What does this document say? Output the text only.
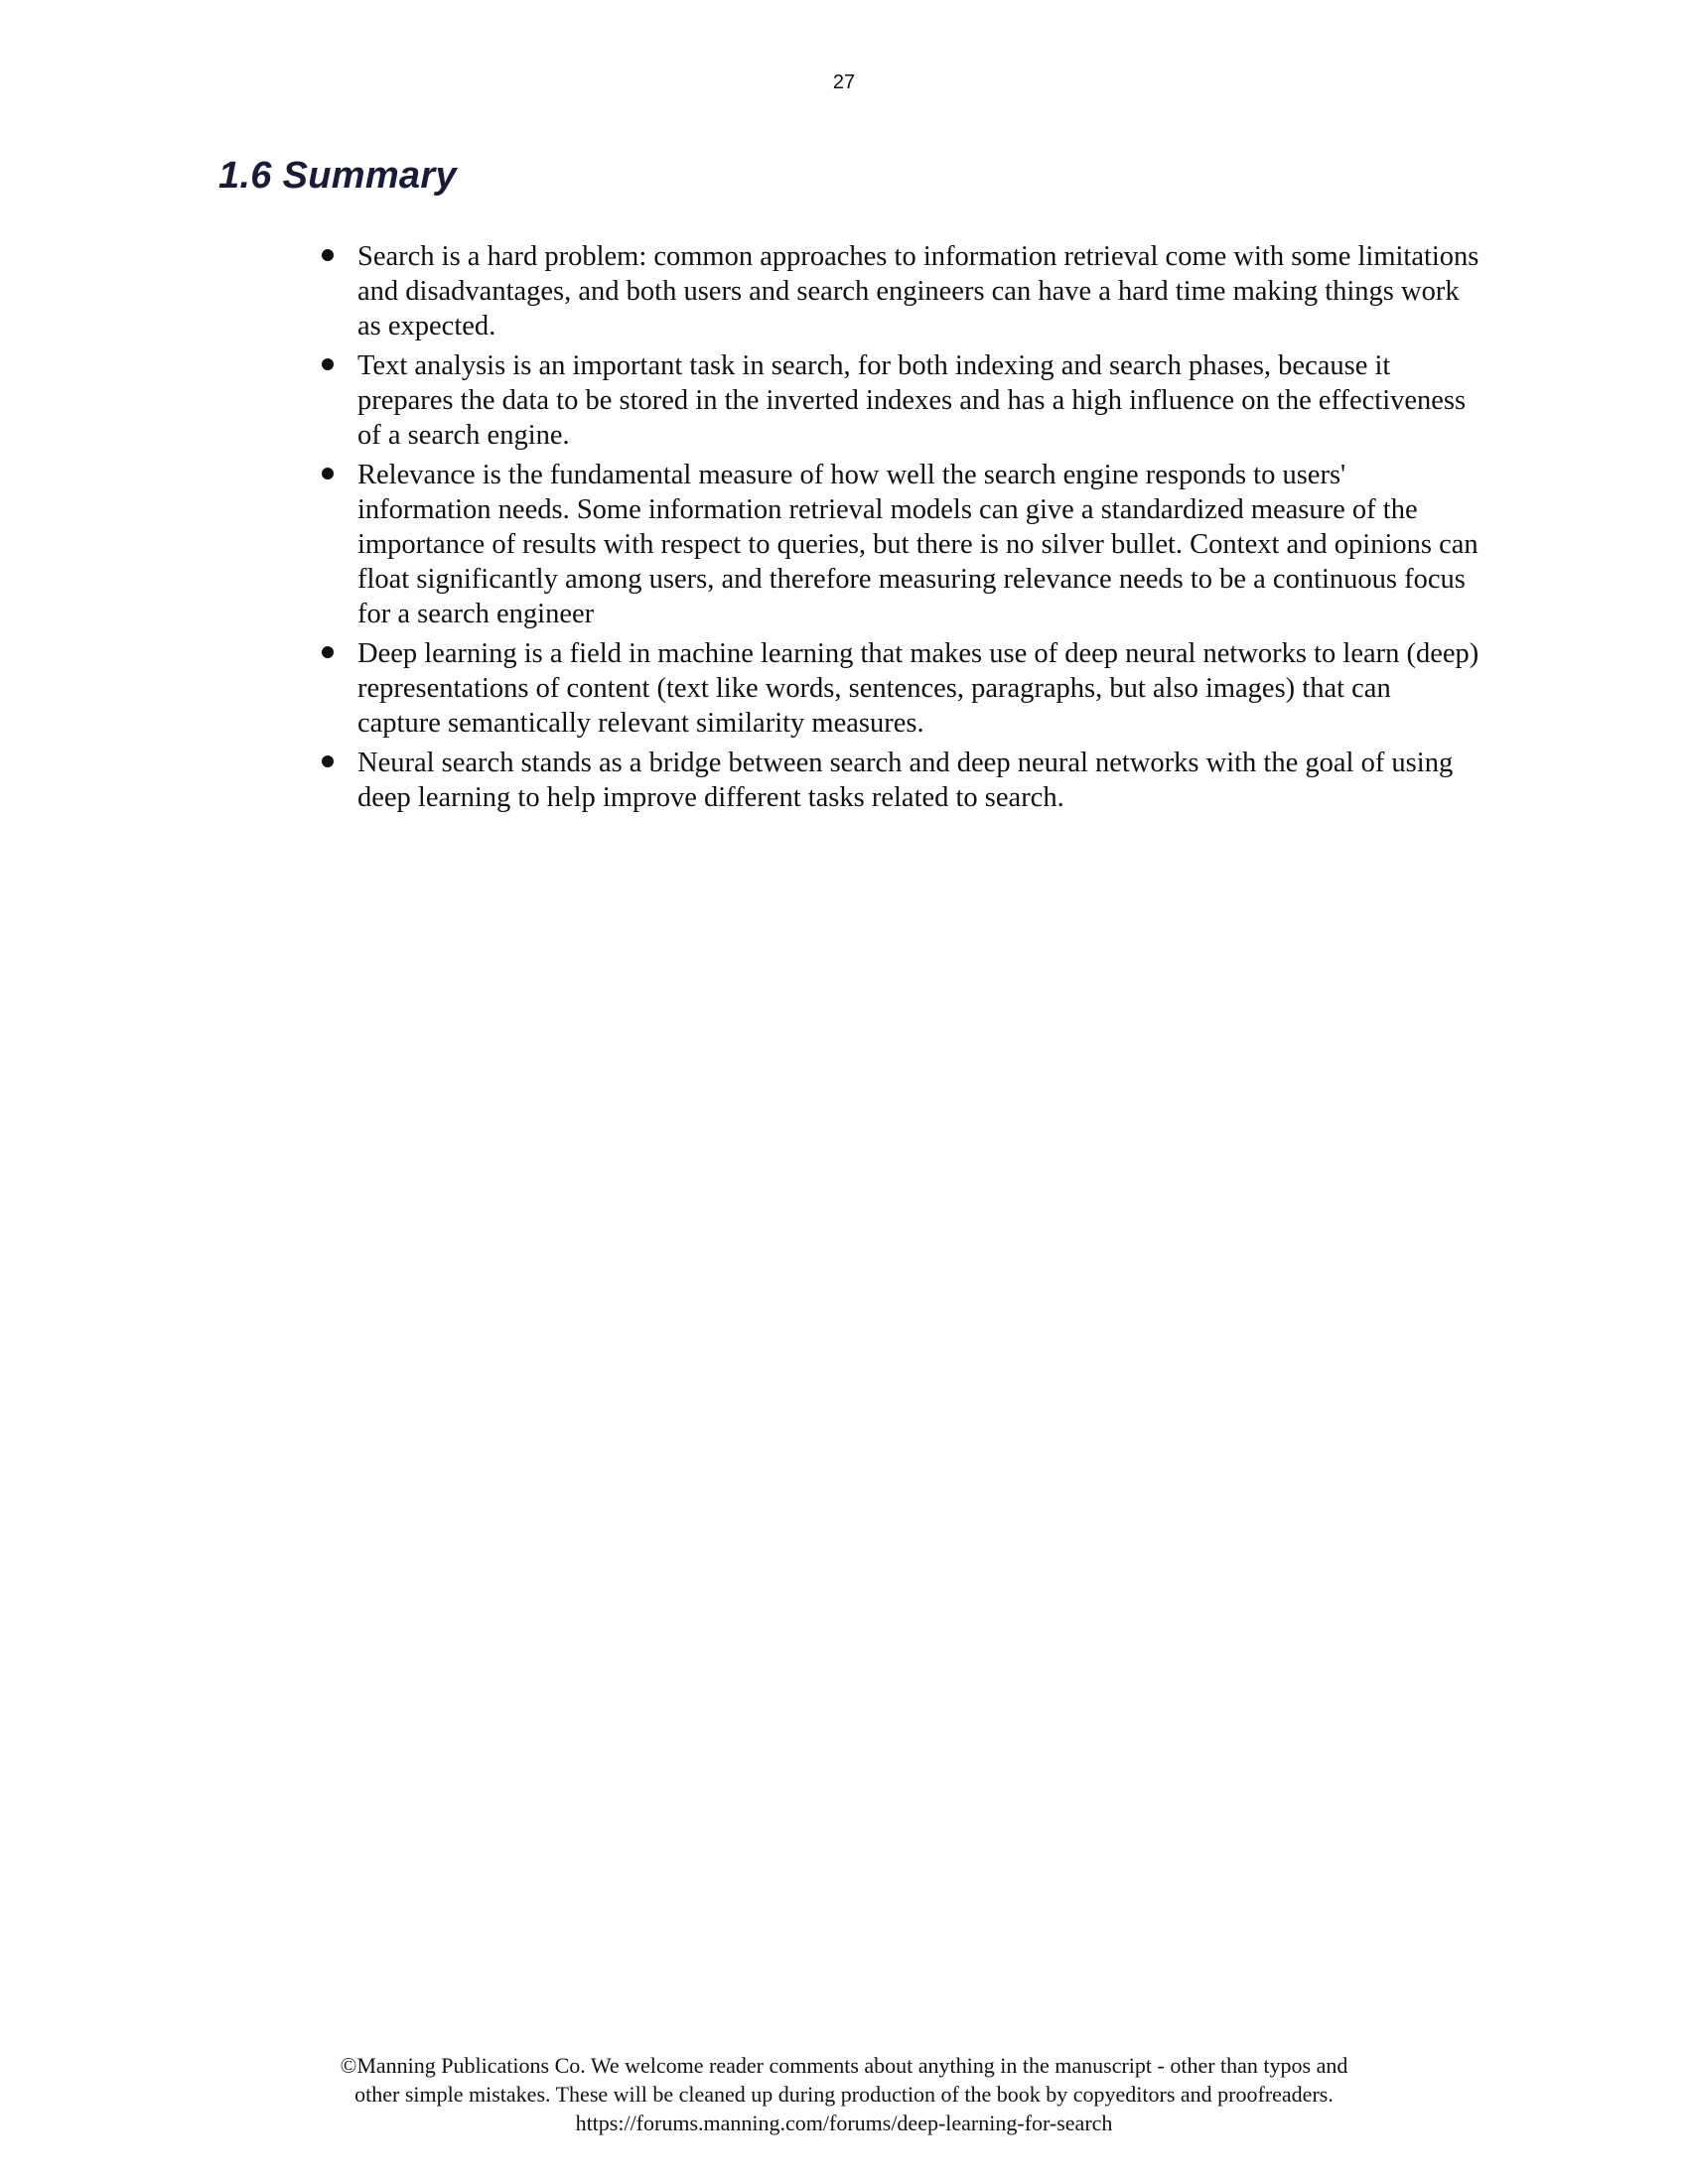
27
1.6 Summary
Search is a hard problem: common approaches to information retrieval come with some limitations and disadvantages, and both users and search engineers can have a hard time making things work as expected.
Text analysis is an important task in search, for both indexing and search phases, because it prepares the data to be stored in the inverted indexes and has a high influence on the effectiveness of a search engine.
Relevance is the fundamental measure of how well the search engine responds to users' information needs. Some information retrieval models can give a standardized measure of the importance of results with respect to queries, but there is no silver bullet. Context and opinions can float significantly among users, and therefore measuring relevance needs to be a continuous focus for a search engineer
Deep learning is a field in machine learning that makes use of deep neural networks to learn (deep) representations of content (text like words, sentences, paragraphs, but also images) that can capture semantically relevant similarity measures.
Neural search stands as a bridge between search and deep neural networks with the goal of using deep learning to help improve different tasks related to search.
©Manning Publications Co. We welcome reader comments about anything in the manuscript - other than typos and
other simple mistakes. These will be cleaned up during production of the book by copyeditors and proofreaders.
https://forums.manning.com/forums/deep-learning-for-search
